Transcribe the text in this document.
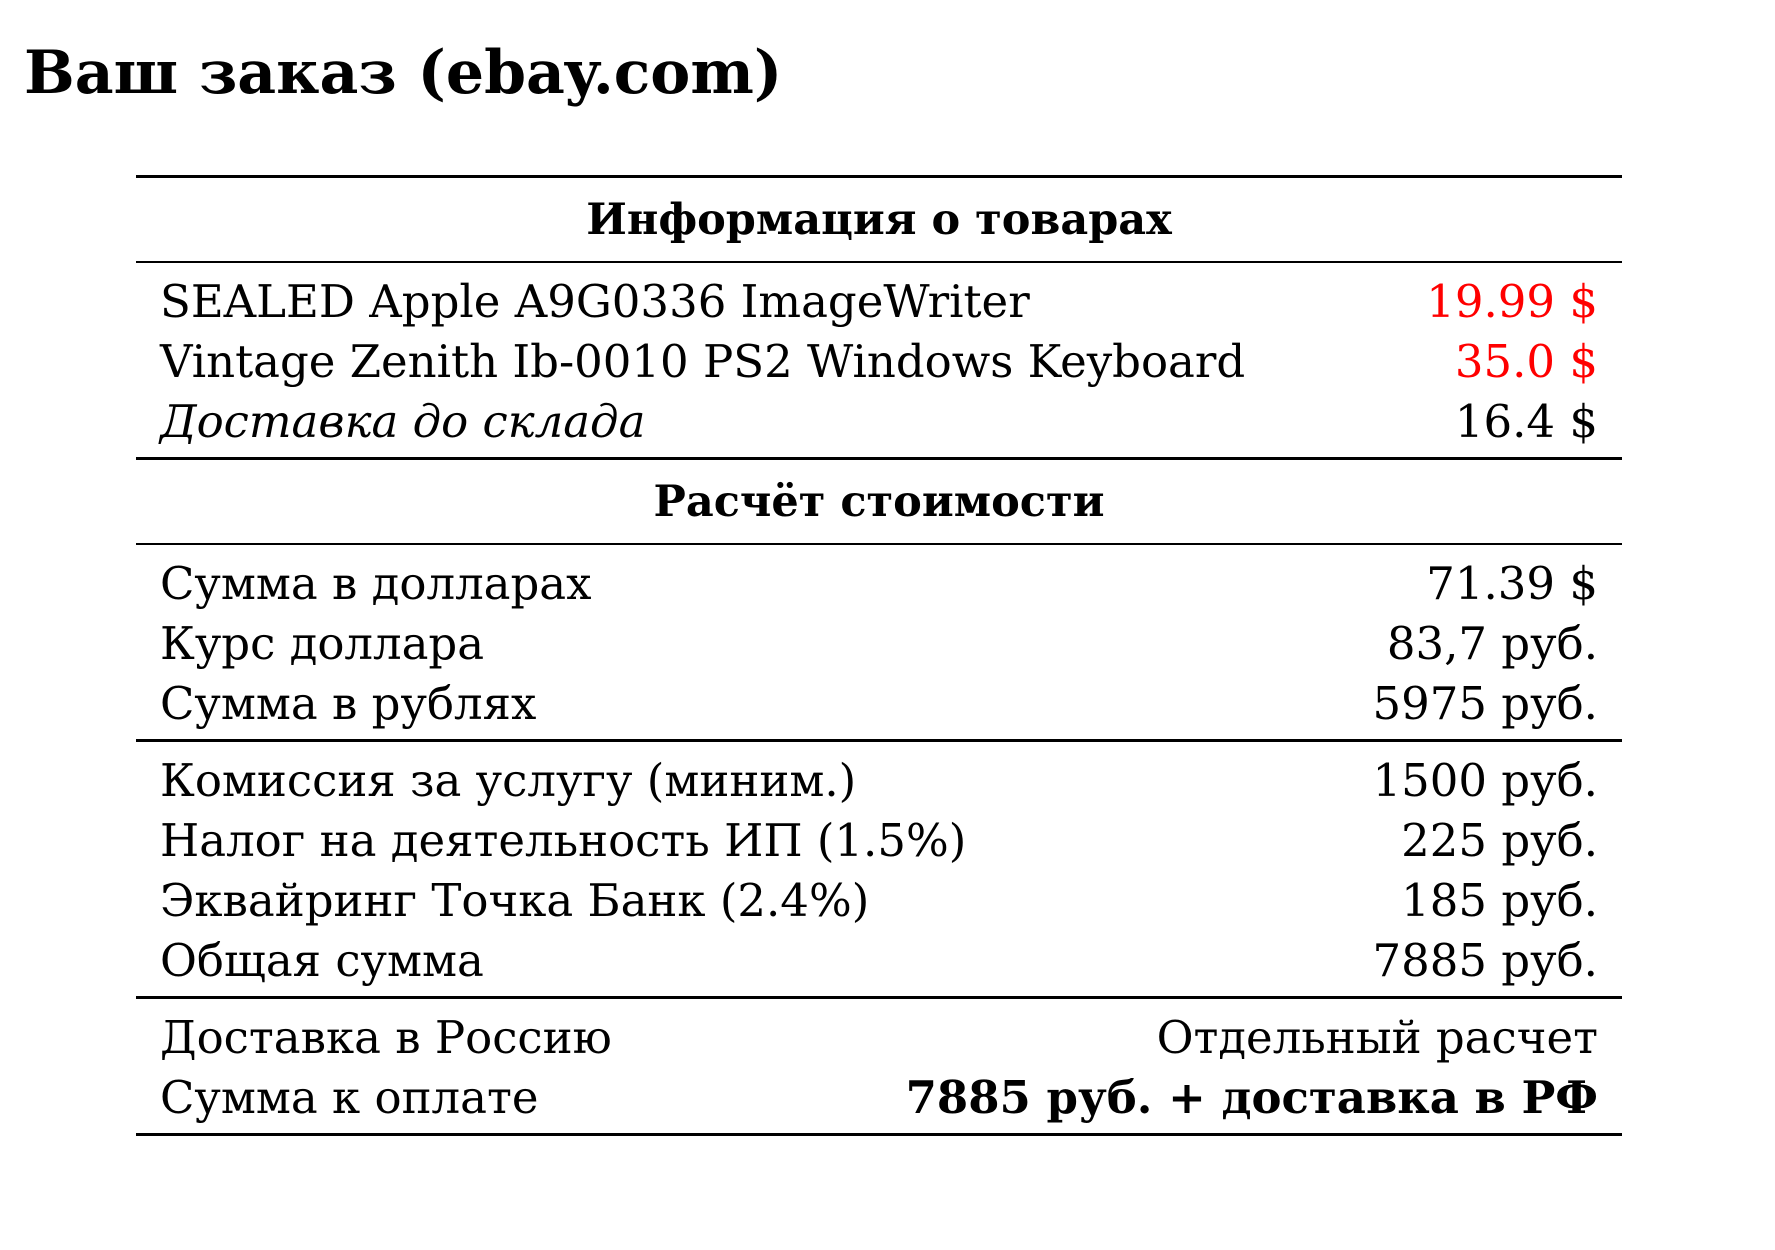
Ваш заказ (ebay.com)
Информация о товарах
SEALED Apple A9G0336 ImageWriter	19.99 $
Vintage Zenith Ib-0010 PS2 Windows Keyboard	35.0 $
Доставка до склада	16.4 $
Расчёт стоимости
Сумма в долларах	71.39 $
Курс доллара	83,7 руб.
Сумма в рублях	5975 руб.
Комиссия за услугу (миним.)	1500 руб.
Налог на деятельность ИП (1.5%)	225 руб.
Эквайринг Точка Банк (2.4%)	185 руб.
Общая сумма	7885 руб.
Доставка в Россию	Отдельный расчет
Сумма к оплате	7885 руб. + доставка в РФ
